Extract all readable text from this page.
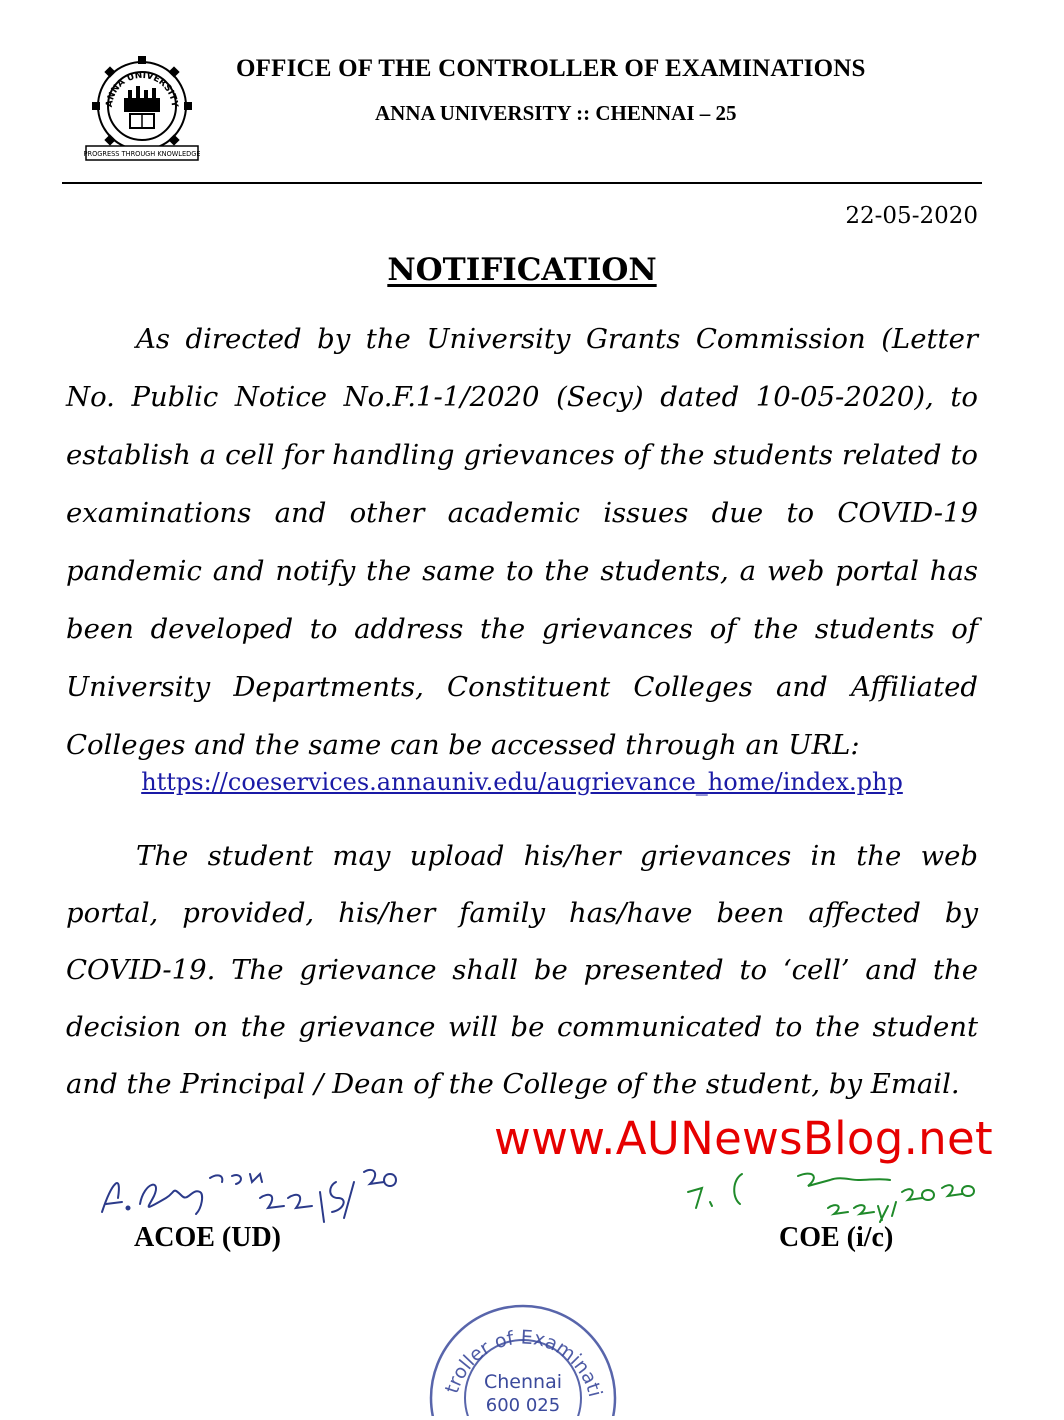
ANNA UNIVERSITY
PROGRESS THROUGH KNOWLEDGE
OFFICE OF THE CONTROLLER OF EXAMINATIONS
ANNA UNIVERSITY :: CHENNAI – 25
22-05-2020
NOTIFICATION

As directed by the University Grants Commission (Letter No. Public Notice No.F.1-1/2020 (Secy) dated 10-05-2020), to establish a cell for handling grievances of the students related to examinations and other academic issues due to COVID-19 pandemic and notify the same to the students, a web portal has been developed to address the grievances of the students of University Departments, Constituent Colleges and Affiliated Colleges and the same can be accessed through an URL:

https://coeservices.annauniv.edu/augrievance_home/index.php

The student may upload his/her grievances in the web portal, provided, his/her family has/have been affected by COVID-19. The grievance shall be presented to ‘cell’ and the decision on the grievance will be communicated to the student and the Principal / Dean of the College of the student, by Email.

www.AUNewsBlog.net
ACOE (UD)	COE (i/c)
troller of Examinati
Chennai
600 025
